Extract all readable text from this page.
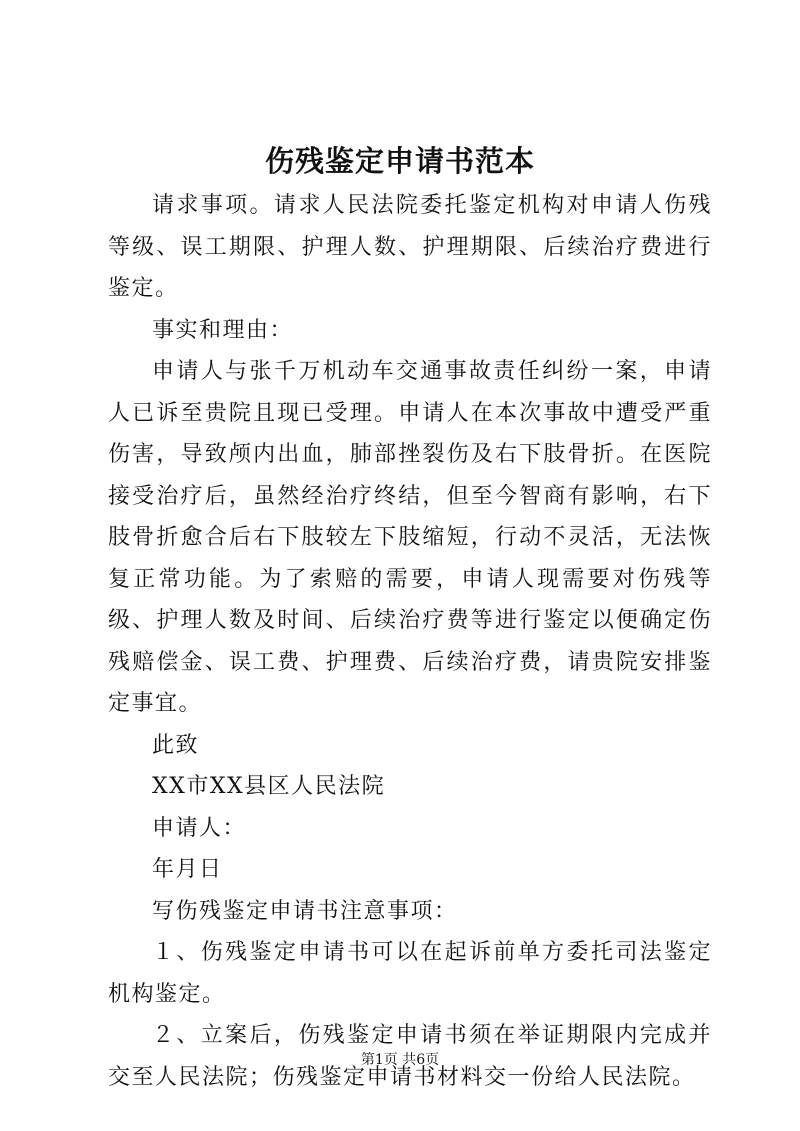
伤残鉴定申请书范本

请求事项。请求人民法院委托鉴定机构对申请人伤残等级、误工期限、护理人数、护理期限、后续治疗费进行鉴定。

事实和理由：

申请人与张千万机动车交通事故责任纠纷一案，申请人已诉至贵院且现已受理。申请人在本次事故中遭受严重伤害，导致颅内出血，肺部挫裂伤及右下肢骨折。在医院接受治疗后，虽然经治疗终结，但至今智商有影响，右下肢骨折愈合后右下肢较左下肢缩短，行动不灵活，无法恢复正常功能。为了索赔的需要，申请人现需要对伤残等级、护理人数及时间、后续治疗费等进行鉴定以便确定伤残赔偿金、误工费、护理费、后续治疗费，请贵院安排鉴定事宜。

此致

XX市XX县区人民法院

申请人：

年月日

写伤残鉴定申请书注意事项：

１、伤残鉴定申请书可以在起诉前单方委托司法鉴定机构鉴定。

２、立案后，伤残鉴定申请书须在举证期限内完成并交至人民法院；伤残鉴定申请书材料交一份给人民法院。

第1页 共6页
